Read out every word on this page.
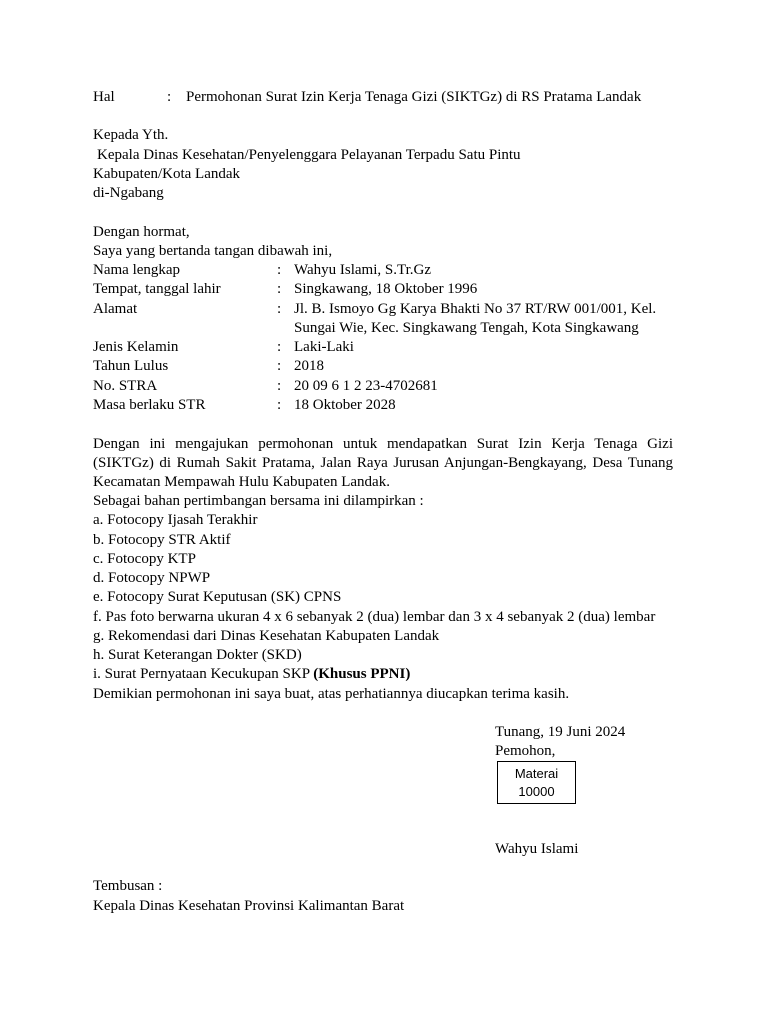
Hal	: Permohonan Surat Izin Kerja Tenaga Gizi (SIKTGz) di RS Pratama Landak
Kepada Yth.
Kepala Dinas Kesehatan/Penyelenggara Pelayanan Terpadu Satu Pintu
Kabupaten/Kota Landak
di-Ngabang
Dengan hormat,
Saya yang bertanda tangan dibawah ini,
Nama lengkap	: Wahyu Islami, S.Tr.Gz
Tempat, tanggal lahir	: Singkawang, 18 Oktober 1996
Alamat	: Jl. B. Ismoyo Gg Karya Bhakti No 37 RT/RW 001/001, Kel.
Sungai Wie, Kec. Singkawang Tengah, Kota Singkawang
Jenis Kelamin	: Laki-Laki
Tahun Lulus	: 2018
No. STRA	: 20 09 6 1 2 23-4702681
Masa berlaku STR	: 18 Oktober 2028
Dengan ini mengajukan permohonan untuk mendapatkan Surat Izin Kerja Tenaga Gizi
(SIKTGz) di Rumah Sakit Pratama, Jalan Raya Jurusan Anjungan-Bengkayang, Desa Tunang
Kecamatan Mempawah Hulu Kabupaten Landak.
Sebagai bahan pertimbangan bersama ini dilampirkan :
a. Fotocopy Ijasah Terakhir
b. Fotocopy STR Aktif
c. Fotocopy KTP
d. Fotocopy NPWP
e. Fotocopy Surat Keputusan (SK) CPNS
f. Pas foto berwarna ukuran 4 x 6 sebanyak 2 (dua) lembar dan 3 x 4 sebanyak 2 (dua) lembar
g. Rekomendasi dari Dinas Kesehatan Kabupaten Landak
h. Surat Keterangan Dokter (SKD)
i. Surat Pernyataan Kecukupan SKP (Khusus PPNI)
Demikian permohonan ini saya buat, atas perhatiannya diucapkan terima kasih.
Tunang, 19 Juni 2024
Pemohon,
Materai
10000
Wahyu Islami
Tembusan :
Kepala Dinas Kesehatan Provinsi Kalimantan Barat
